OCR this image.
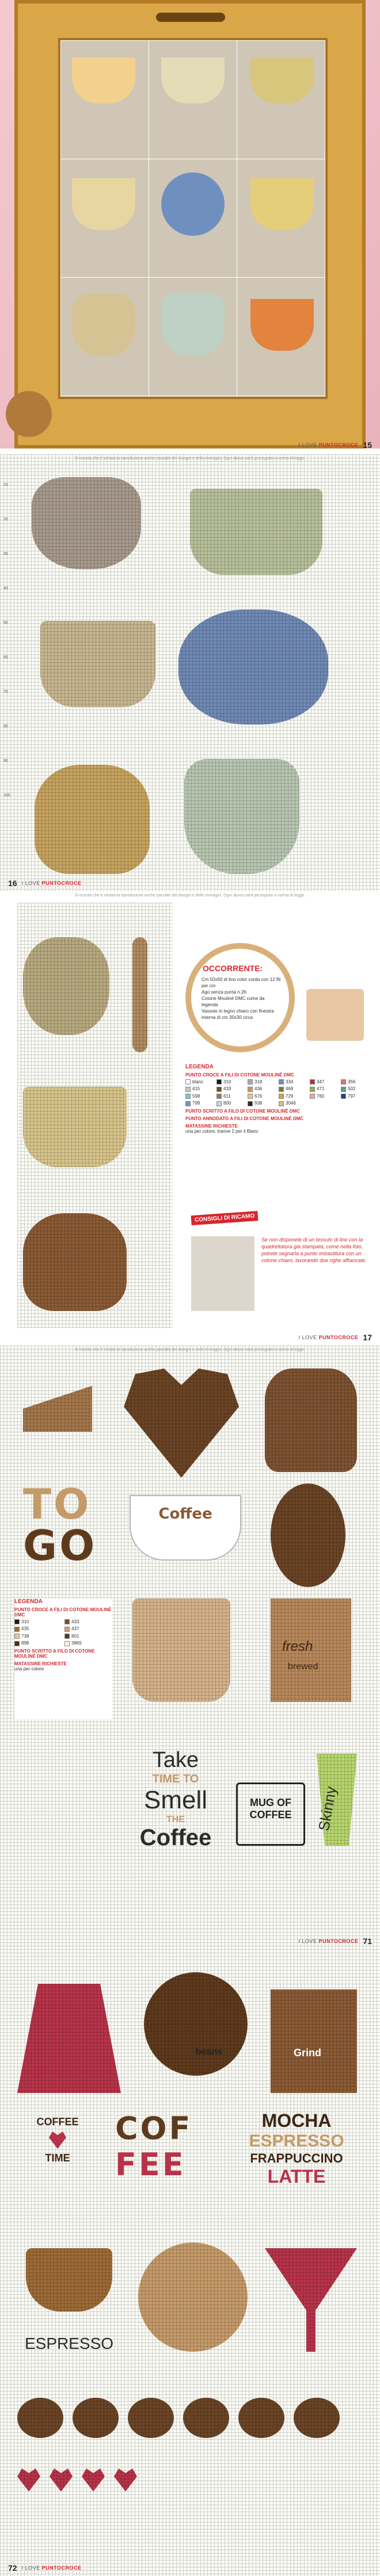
I LOVE PUNTOCROCE 15
Si ricorda che è vietata la riproduzione anche parziale dei disegni e delle immagini. Ogni abuso sarà perseguito a norma di legge.
10
20
30
40
50
60
70
80
90
100
16 I LOVE PUNTOCROCE
Si ricorda che è vietata la riproduzione anche parziale dei disegni e delle immagini. Ogni abuso sarà perseguito a norma di legge.
OCCORRENTE:
Cm 50x50 di lino color corda con 12 fili per cm
Ago senza punta n.26
Cotone Mouliné DMC come da legenda
Vassoio in legno chiaro con finestra interna di cm 30x30 circa
LEGENDA
PUNTO CROCE A FILI DI COTONE MOULINÉ DMC
blanc	310	318	334	347	356
415	433	436	469	471	502
598	611	676	729	760	797
799	800	938	3046
PUNTO SCRITTO A FILO DI COTONE MOULINÉ DMC
PUNTO ANNODATO A FILI DI COTONE MOULINÉ DMC
MATASSINE RICHIESTE
una per colore, tranne 2 per il Blanc
CONSIGLI DI RICAMO
Se non disponete di un tessuto di lino con la quadrettatura già stampata, come nella foto, potrete segnarla a punto imbastitura con un cotone chiaro, lavorando due righe affiancate.
I LOVE PUNTOCROCE 17
Si ricorda che è vietata la riproduzione anche parziale dei disegni e delle immagini. Ogni abuso sarà perseguito a norma di legge.
TO
GO
Coffee
LEGENDA
PUNTO CROCE A FILI DI COTONE MOULINÉ DMC
310	433
435	437
738	801
898	3865
PUNTO SCRITTO A FILO DI COTONE MOULINÉ DMC
MATASSINE RICHIESTE
una per colore
fresh
brewed
Take
TIME TO
Smell
THE
Coffee
MUG OF
COFFEE	Skinny
I LOVE PUNTOCROCE 71
beans	Grind
COFFEE
TIME
COF
FEE
MOCHA
ESPRESSO
FRAPPUCCINO
LATTE
ESPRESSO
72 I LOVE PUNTOCROCE
